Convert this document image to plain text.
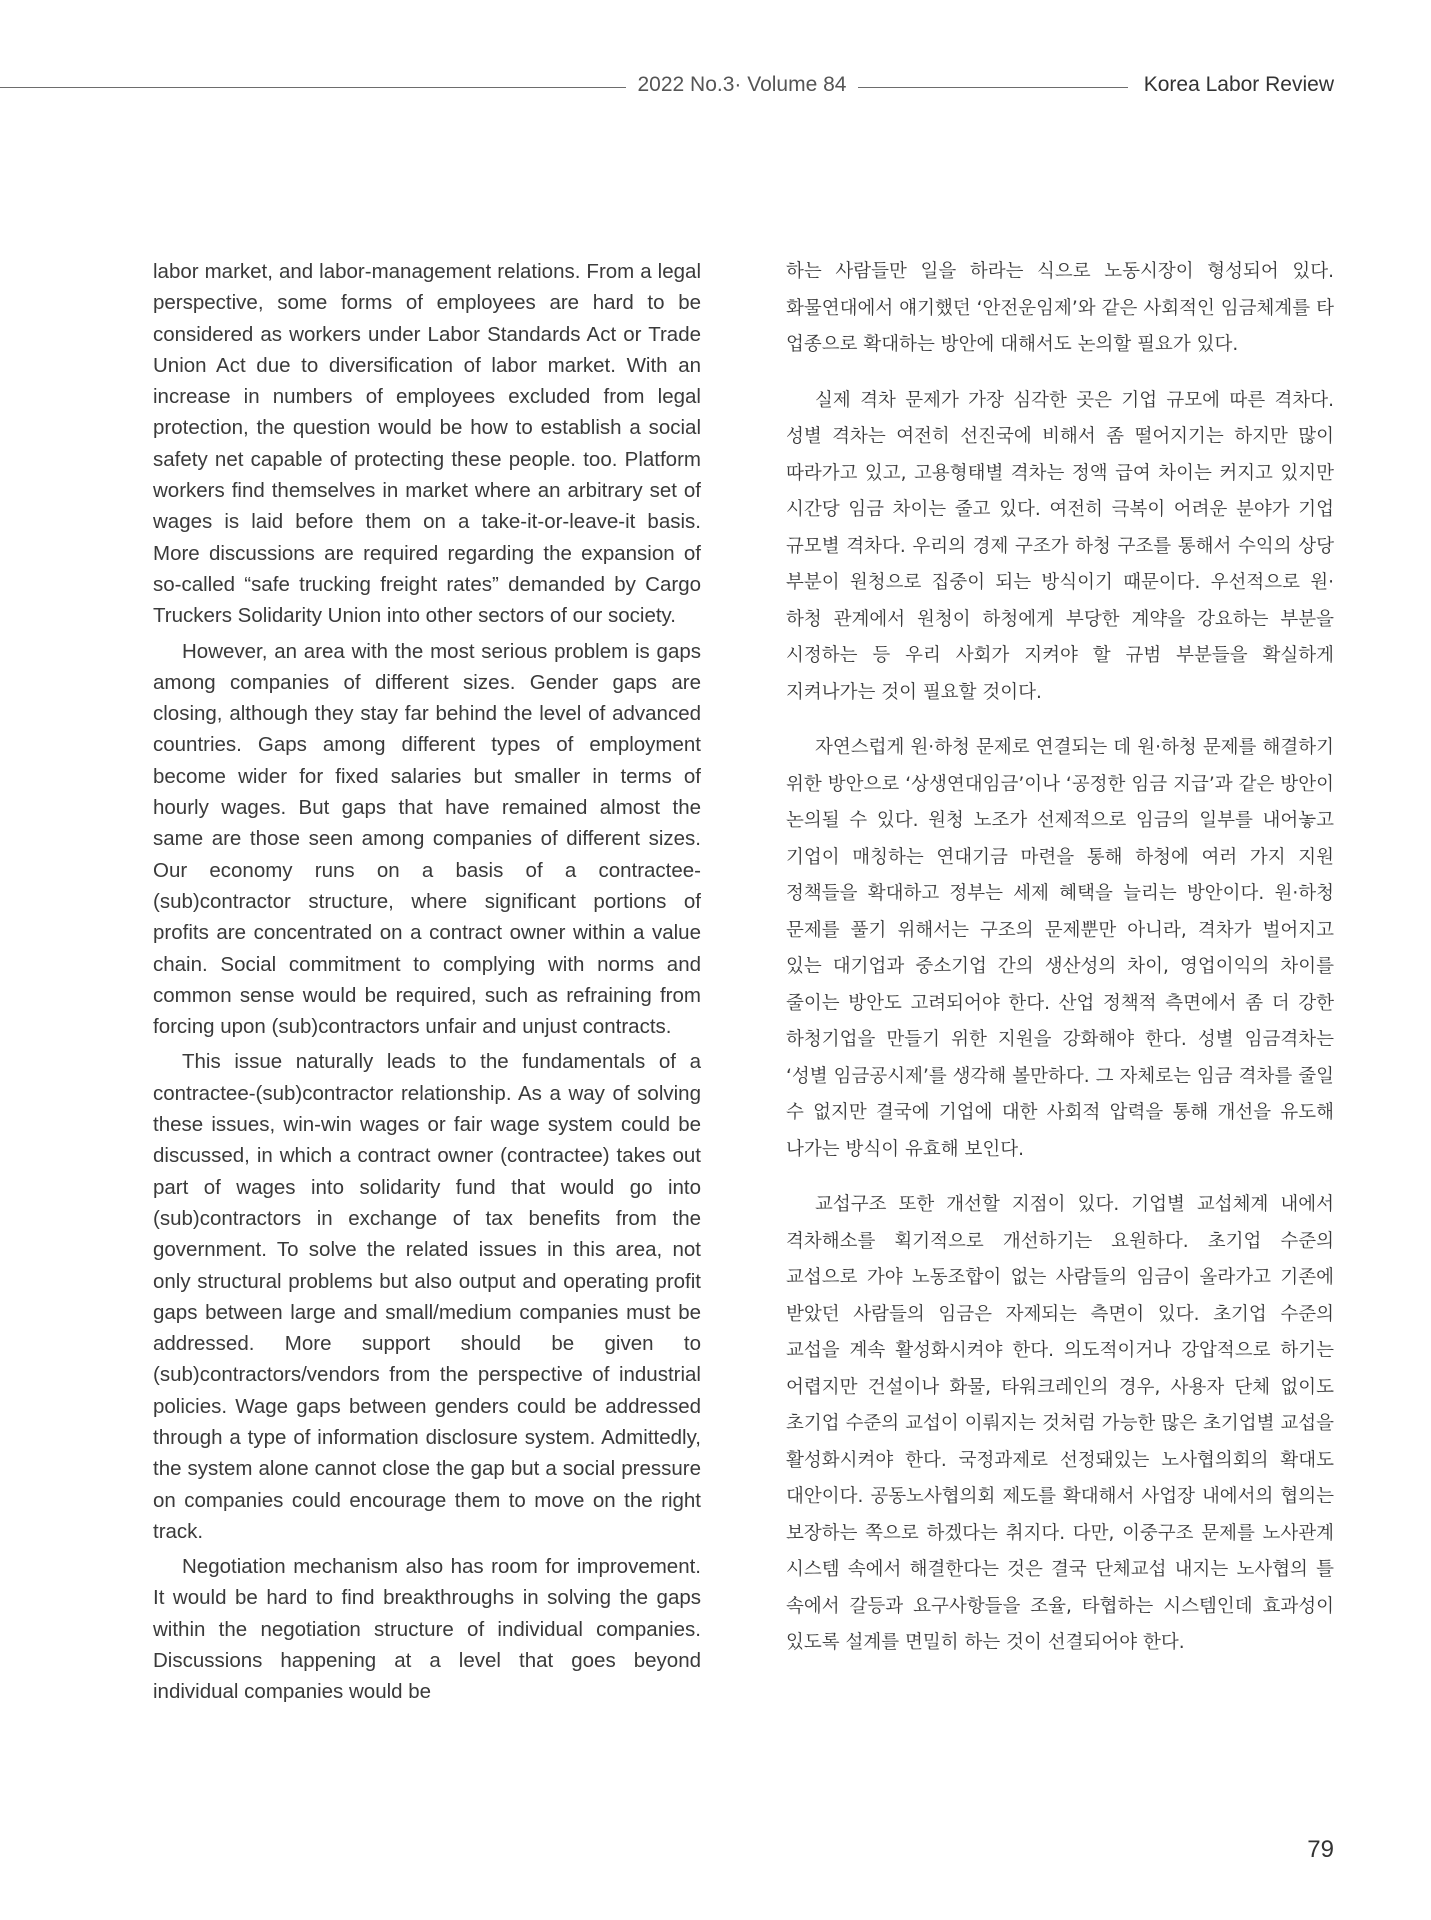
2022 No.3· Volume 84	Korea Labor Review

labor market, and labor-management relations. From a legal perspective, some forms of employees are hard to be considered as workers under Labor Standards Act or Trade Union Act due to diversification of labor market. With an increase in numbers of employees excluded from legal protection, the question would be how to establish a social safety net capable of protecting these people. too. Platform workers find themselves in market where an arbitrary set of wages is laid before them on a take-it-or-leave-it basis. More discussions are required regarding the expansion of so-called “safe trucking freight rates” demanded by Cargo Truckers Solidarity Union into other sectors of our society.

However, an area with the most serious problem is gaps among companies of different sizes. Gender gaps are closing, although they stay far behind the level of advanced countries. Gaps among different types of employment become wider for fixed salaries but smaller in terms of hourly wages. But gaps that have remained almost the same are those seen among companies of different sizes. Our economy runs on a basis of a contractee-(sub)contractor structure, where significant portions of profits are concentrated on a contract owner within a value chain. Social commitment to complying with norms and common sense would be required, such as refraining from forcing upon (sub)contractors unfair and unjust contracts.

This issue naturally leads to the fundamentals of a contractee-(sub)contractor relationship. As a way of solving these issues, win-win wages or fair wage system could be discussed, in which a contract owner (contractee) takes out part of wages into solidarity fund that would go into (sub)contractors in exchange of tax benefits from the government. To solve the related issues in this area, not only structural problems but also output and operating profit gaps between large and small/medium companies must be addressed. More support should be given to (sub)contractors/vendors from the perspective of industrial policies. Wage gaps between genders could be addressed through a type of information disclosure system. Admittedly, the system alone cannot close the gap but a social pressure on companies could encourage them to move on the right track.

Negotiation mechanism also has room for improvement. It would be hard to find breakthroughs in solving the gaps within the negotiation structure of individual companies. Discussions happening at a level that goes beyond individual companies would be

하는 사람들만 일을 하라는 식으로 노동시장이 형성되어 있다. 화물연대에서 얘기했던 ‘안전운임제’와 같은 사회적인 임금체계를 타 업종으로 확대하는 방안에 대해서도 논의할 필요가 있다.

실제 격차 문제가 가장 심각한 곳은 기업 규모에 따른 격차다. 성별 격차는 여전히 선진국에 비해서 좀 떨어지기는 하지만 많이 따라가고 있고, 고용형태별 격차는 정액 급여 차이는 커지고 있지만 시간당 임금 차이는 줄고 있다. 여전히 극복이 어려운 분야가 기업 규모별 격차다. 우리의 경제 구조가 하청 구조를 통해서 수익의 상당 부분이 원청으로 집중이 되는 방식이기 때문이다. 우선적으로 원‧하청 관계에서 원청이 하청에게 부당한 계약을 강요하는 부분을 시정하는 등 우리 사회가 지켜야 할 규범 부분들을 확실하게 지켜나가는 것이 필요할 것이다.

자연스럽게 원‧하청 문제로 연결되는 데 원‧하청 문제를 해결하기 위한 방안으로 ‘상생연대임금’이나 ‘공정한 임금 지급’과 같은 방안이 논의될 수 있다. 원청 노조가 선제적으로 임금의 일부를 내어놓고 기업이 매칭하는 연대기금 마련을 통해 하청에 여러 가지 지원 정책들을 확대하고 정부는 세제 혜택을 늘리는 방안이다. 원‧하청 문제를 풀기 위해서는 구조의 문제뿐만 아니라, 격차가 벌어지고 있는 대기업과 중소기업 간의 생산성의 차이, 영업이익의 차이를 줄이는 방안도 고려되어야 한다. 산업 정책적 측면에서 좀 더 강한 하청기업을 만들기 위한 지원을 강화해야 한다. 성별 임금격차는 ‘성별 임금공시제’를 생각해 볼만하다. 그 자체로는 임금 격차를 줄일 수 없지만 결국에 기업에 대한 사회적 압력을 통해 개선을 유도해 나가는 방식이 유효해 보인다.

교섭구조 또한 개선할 지점이 있다. 기업별 교섭체계 내에서 격차해소를 획기적으로 개선하기는 요원하다. 초기업 수준의 교섭으로 가야 노동조합이 없는 사람들의 임금이 올라가고 기존에 받았던 사람들의 임금은 자제되는 측면이 있다. 초기업 수준의 교섭을 계속 활성화시켜야 한다. 의도적이거나 강압적으로 하기는 어렵지만 건설이나 화물, 타워크레인의 경우, 사용자 단체 없이도 초기업 수준의 교섭이 이뤄지는 것처럼 가능한 많은 초기업별 교섭을 활성화시켜야 한다. 국정과제로 선정돼있는 노사협의회의 확대도 대안이다. 공동노사협의회 제도를 확대해서 사업장 내에서의 협의는 보장하는 쪽으로 하겠다는 취지다. 다만, 이중구조 문제를 노사관계 시스템 속에서 해결한다는 것은 결국 단체교섭 내지는 노사협의 틀 속에서 갈등과 요구사항들을 조율, 타협하는 시스템인데 효과성이 있도록 설계를 면밀히 하는 것이 선결되어야 한다.

79
